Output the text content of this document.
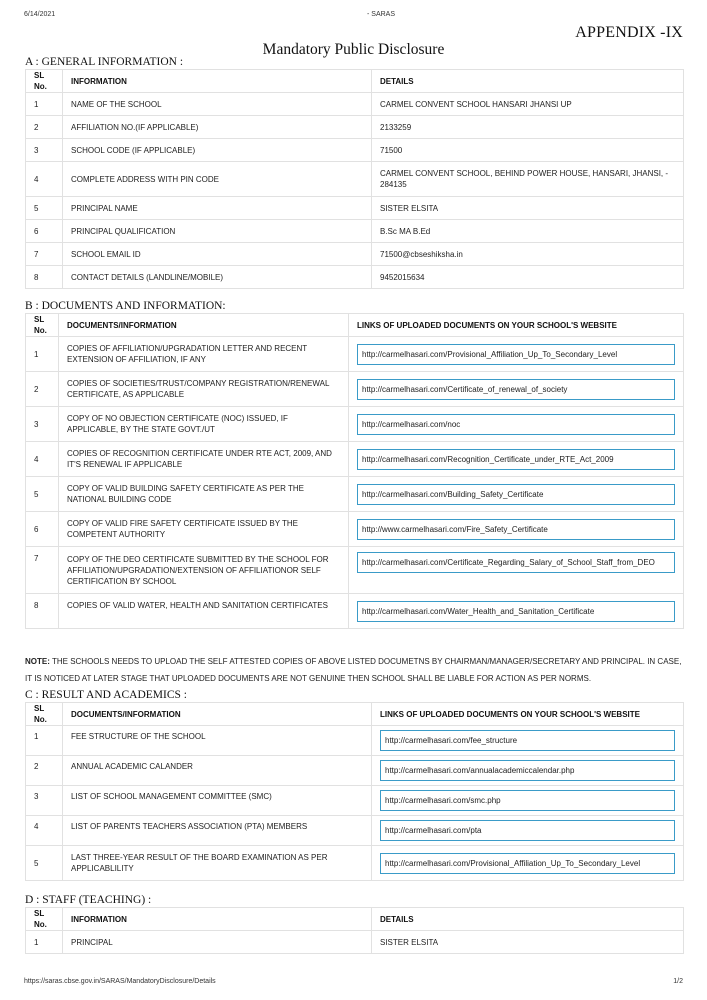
6/14/2021	- SARAS
APPENDIX -IX
Mandatory Public Disclosure
A : GENERAL INFORMATION :
SL No.	INFORMATION	DETAILS
1	NAME OF THE SCHOOL	CARMEL CONVENT SCHOOL HANSARI JHANSI UP
2	AFFILIATION NO.(IF APPLICABLE)	2133259
3	SCHOOL CODE (IF APPLICABLE)	71500
4	COMPLETE ADDRESS WITH PIN CODE	CARMEL CONVENT SCHOOL, BEHIND POWER HOUSE, HANSARI, JHANSI, - 284135
5	PRINCIPAL NAME	SISTER ELSITA
6	PRINCIPAL QUALIFICATION	B.Sc MA B.Ed
7	SCHOOL EMAIL ID	71500@cbseshiksha.in
8	CONTACT DETAILS (LANDLINE/MOBILE)	9452015634
B : DOCUMENTS AND INFORMATION:
SL No.	DOCUMENTS/INFORMATION	LINKS OF UPLOADED DOCUMENTS ON YOUR SCHOOL'S WEBSITE
1	COPIES OF AFFILIATION/UPGRADATION LETTER AND RECENT EXTENSION OF AFFILIATION, IF ANY	http://carmelhasari.com/Provisional_Affiliation_Up_To_Secondary_Level

2	COPIES OF SOCIETIES/TRUST/COMPANY REGISTRATION/RENEWAL CERTIFICATE, AS APPLICABLE	http://carmelhasari.com/Certificate_of_renewal_of_society

3	COPY OF NO OBJECTION CERTIFICATE (NOC) ISSUED, IF APPLICABLE, BY THE STATE GOVT./UT	http://carmelhasari.com/noc

4	COPIES OF RECOGNITION CERTIFICATE UNDER RTE ACT, 2009, AND IT'S RENEWAL IF APPLICABLE	http://carmelhasari.com/Recognition_Certificate_under_RTE_Act_2009

5	COPY OF VALID BUILDING SAFETY CERTIFICATE AS PER THE NATIONAL BUILDING CODE	http://carmelhasari.com/Building_Safety_Certificate

6	COPY OF VALID FIRE SAFETY CERTIFICATE ISSUED BY THE COMPETENT AUTHORITY	http://www.carmelhasari.com/Fire_Safety_Certificate

7	COPY OF THE DEO CERTIFICATE SUBMITTED BY THE SCHOOL FOR AFFILIATION/UPGRADATION/EXTENSION OF AFFILIATIONOR SELF CERTIFICATION BY SCHOOL	http://carmelhasari.com/Certificate_Regarding_Salary_of_School_Staff_from_DEO

8	COPIES OF VALID WATER, HEALTH AND SANITATION CERTIFICATES	http://carmelhasari.com/Water_Health_and_Sanitation_Certificate
NOTE: THE SCHOOLS NEEDS TO UPLOAD THE SELF ATTESTED COPIES OF ABOVE LISTED DOCUMETNS BY CHAIRMAN/MANAGER/SECRETARY AND PRINCIPAL. IN CASE, IT IS NOTICED AT LATER STAGE THAT UPLOADED DOCUMENTS ARE NOT GENUINE THEN SCHOOL SHALL BE LIABLE FOR ACTION AS PER NORMS.
C : RESULT AND ACADEMICS :
SL No.	DOCUMENTS/INFORMATION	LINKS OF UPLOADED DOCUMENTS ON YOUR SCHOOL'S WEBSITE
1	FEE STRUCTURE OF THE SCHOOL	http://carmelhasari.com/fee_structure

2	ANNUAL ACADEMIC CALANDER	http://carmelhasari.com/annualacademiccalendar.php

3	LIST OF SCHOOL MANAGEMENT COMMITTEE (SMC)	http://carmelhasari.com/smc.php

4	LIST OF PARENTS TEACHERS ASSOCIATION (PTA) MEMBERS	http://carmelhasari.com/pta

5	LAST THREE-YEAR RESULT OF THE BOARD EXAMINATION AS PER APPLICABLILITY	http://carmelhasari.com/Provisional_Affiliation_Up_To_Secondary_Level
D : STAFF (TEACHING) :
SL No.	INFORMATION	DETAILS
1	PRINCIPAL	SISTER ELSITA
https://saras.cbse.gov.in/SARAS/MandatoryDisclosure/Details	1/2
